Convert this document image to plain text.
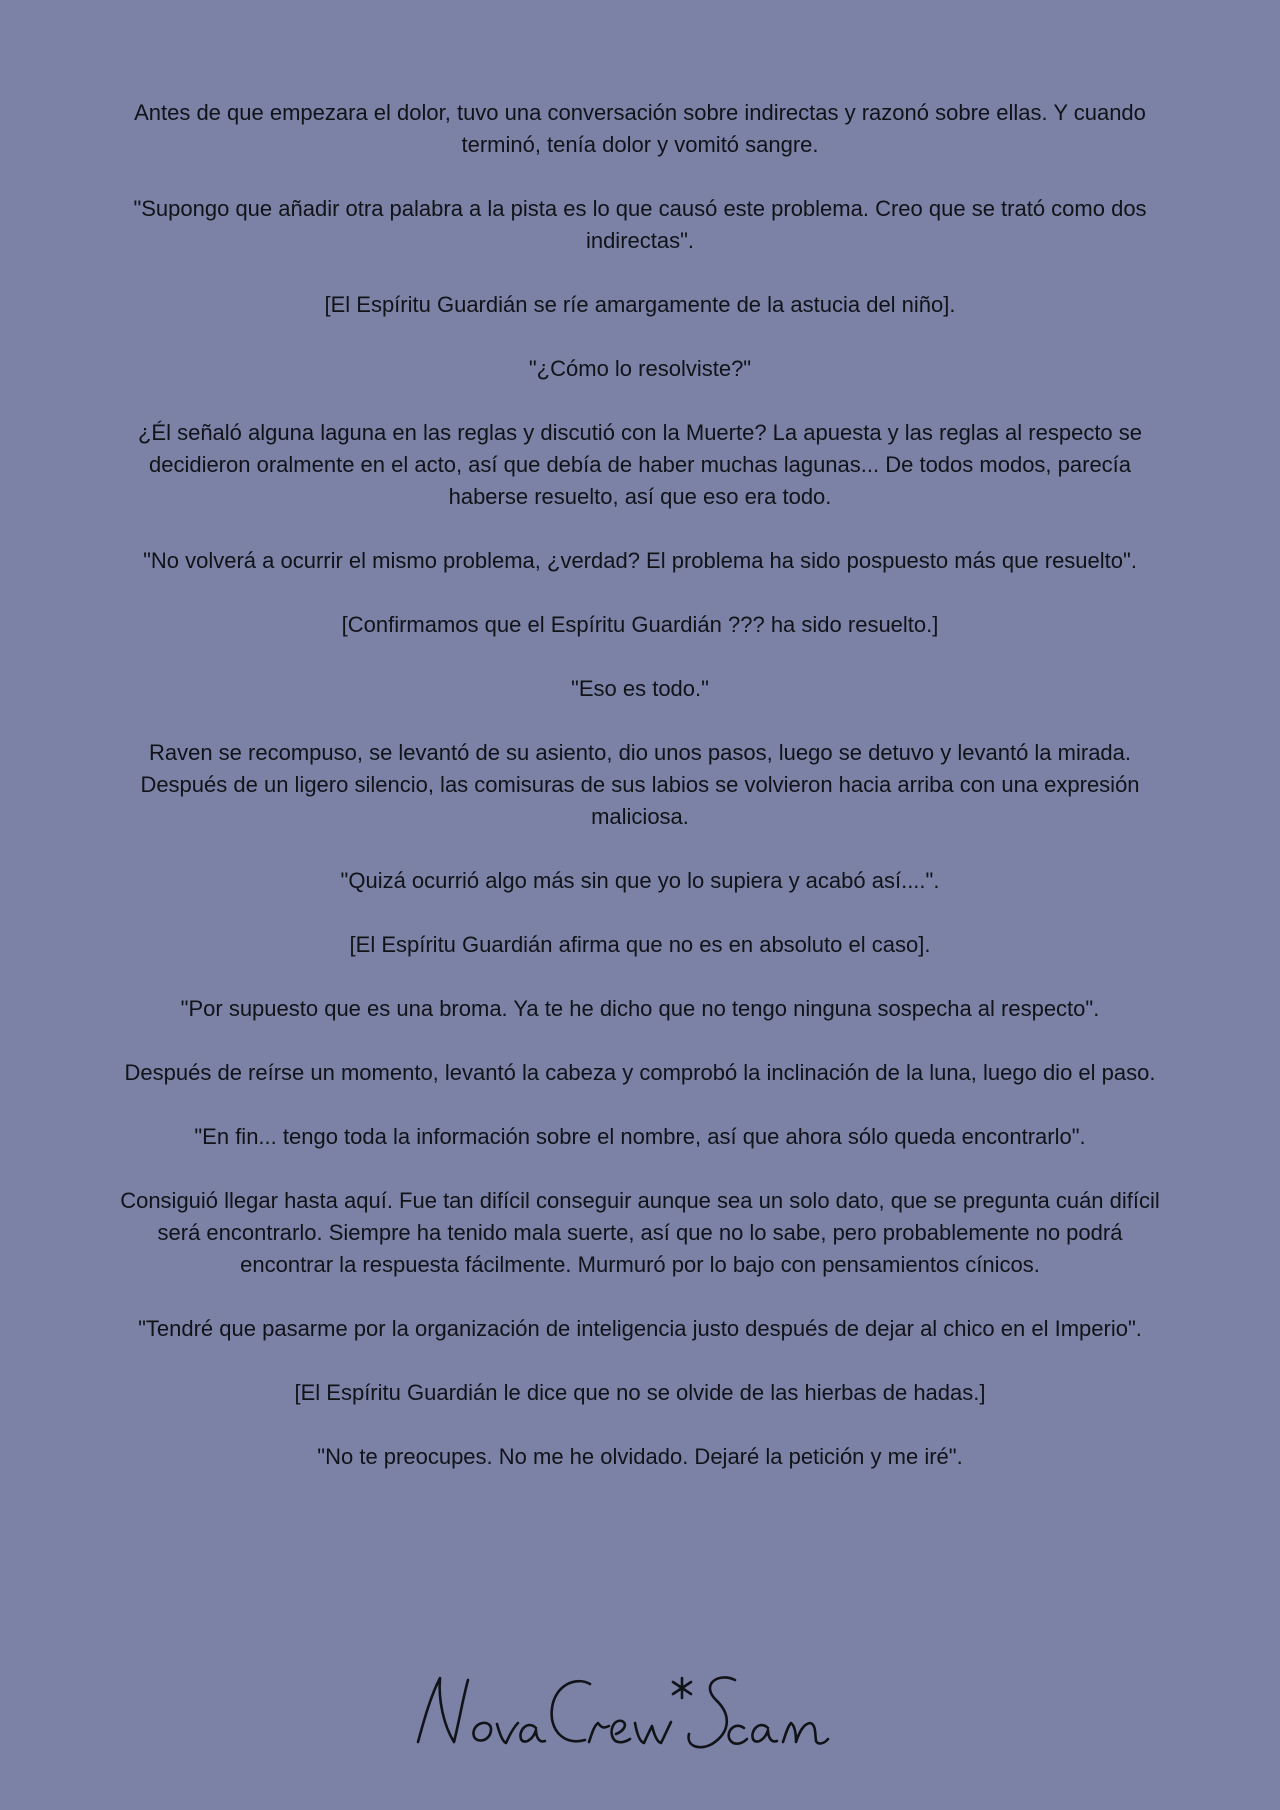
Antes de que empezara el dolor, tuvo una conversación sobre indirectas y razonó sobre ellas. Y cuando terminó, tenía dolor y vomitó sangre.

"Supongo que añadir otra palabra a la pista es lo que causó este problema. Creo que se trató como dos indirectas".

[El Espíritu Guardián se ríe amargamente de la astucia del niño].

"¿Cómo lo resolviste?"

¿Él señaló alguna laguna en las reglas y discutió con la Muerte? La apuesta y las reglas al respecto se decidieron oralmente en el acto, así que debía de haber muchas lagunas... De todos modos, parecía haberse resuelto, así que eso era todo.

"No volverá a ocurrir el mismo problema, ¿verdad? El problema ha sido pospuesto más que resuelto".

[Confirmamos que el Espíritu Guardián ??? ha sido resuelto.]

"Eso es todo."

Raven se recompuso, se levantó de su asiento, dio unos pasos, luego se detuvo y levantó la mirada. Después de un ligero silencio, las comisuras de sus labios se volvieron hacia arriba con una expresión maliciosa.

"Quizá ocurrió algo más sin que yo lo supiera y acabó así....".

[El Espíritu Guardián afirma que no es en absoluto el caso].

"Por supuesto que es una broma. Ya te he dicho que no tengo ninguna sospecha al respecto".

Después de reírse un momento, levantó la cabeza y comprobó la inclinación de la luna, luego dio el paso.

"En fin... tengo toda la información sobre el nombre, así que ahora sólo queda encontrarlo".

Consiguió llegar hasta aquí. Fue tan difícil conseguir aunque sea un solo dato, que se pregunta cuán difícil será encontrarlo. Siempre ha tenido mala suerte, así que no lo sabe, pero probablemente no podrá encontrar la respuesta fácilmente. Murmuró por lo bajo con pensamientos cínicos.

"Tendré que pasarme por la organización de inteligencia justo después de dejar al chico en el Imperio".

[El Espíritu Guardián le dice que no se olvide de las hierbas de hadas.]

"No te preocupes. No me he olvidado. Dejaré la petición y me iré".
